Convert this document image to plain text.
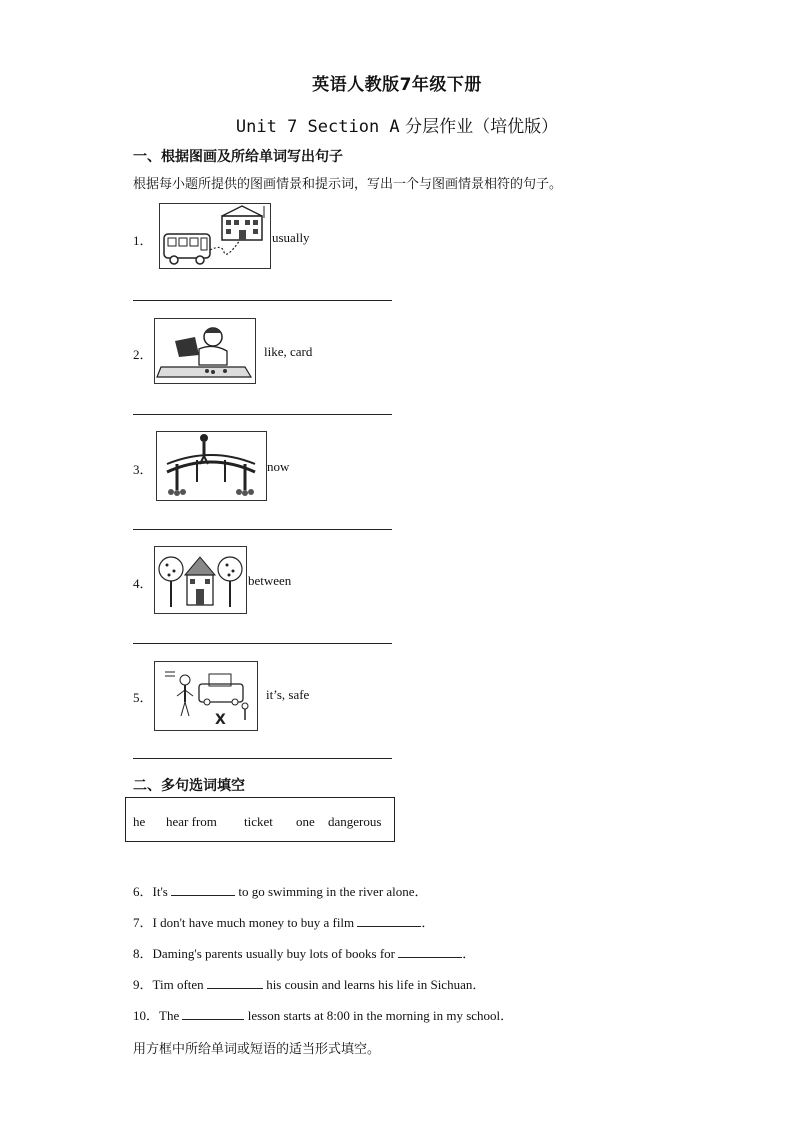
英语人教版7年级下册
Unit 7 Section A 分层作业（培优版）
一、根据图画及所给单词写出句子
根据每小题所提供的图画情景和提示词，写出一个与图画情景相符的句子。
1．	usually
2．	like, card
3．	now
4．	between
5．
X
it’s, safe
二、多句选词填空
he hear from ticket one dangerous
6．It's	to go swimming in the river alone．
7．I don't have much money to buy a film	．
8．Daming's parents usually buy lots of books for	．
9．Tim often	his cousin and learns his life in Sichuan．
10．The	lesson starts at 8:00 in the morning in my school．
用方框中所给单词或短语的适当形式填空。
